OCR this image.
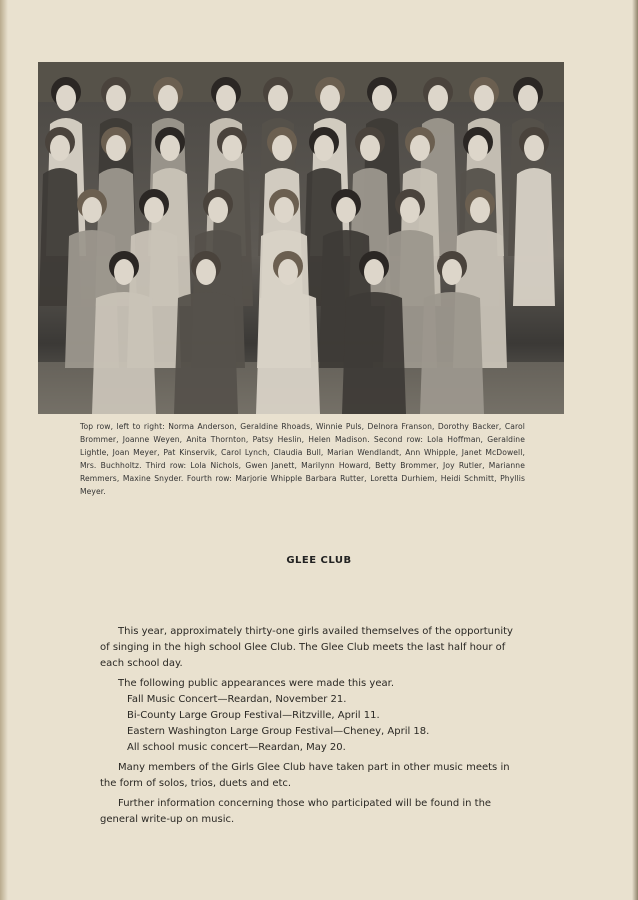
Top row, left to right: Norma Anderson, Geraldine Rhoads, Winnie Puls, Delnora Franson, Dorothy Backer, Carol Brommer, Joanne Weyen, Anita Thornton, Patsy Heslin, Helen Madison. Second row: Lola Hoffman, Geraldine Lightle, Joan Meyer, Pat Kinservik, Carol Lynch, Claudia Bull, Marian Wendlandt, Ann Whipple, Janet McDowell, Mrs. Buchholtz. Third row: Lola Nichols, Gwen Janett, Marilynn Howard, Betty Brommer, Joy Rutler, Marianne Remmers, Maxine Snyder. Fourth row: Marjorie Whipple Barbara Rutter, Loretta Durhiem, Heidi Schmitt, Phyllis Meyer.
GLEE CLUB

This year, approximately thirty-one girls availed themselves of the opportunity of singing in the high school Glee Club. The Glee Club meets the last half hour of each school day.

The following public appearances were made this year.

Fall Music Concert—Reardan, November 21.
Bi-County Large Group Festival—Ritzville, April 11.
Eastern Washington Large Group Festival—Cheney, April 18.
All school music concert—Reardan, May 20.

Many members of the Girls Glee Club have taken part in other music meets in the form of solos, trios, duets and etc.

Further information concerning those who participated will be found in the general write-up on music.
